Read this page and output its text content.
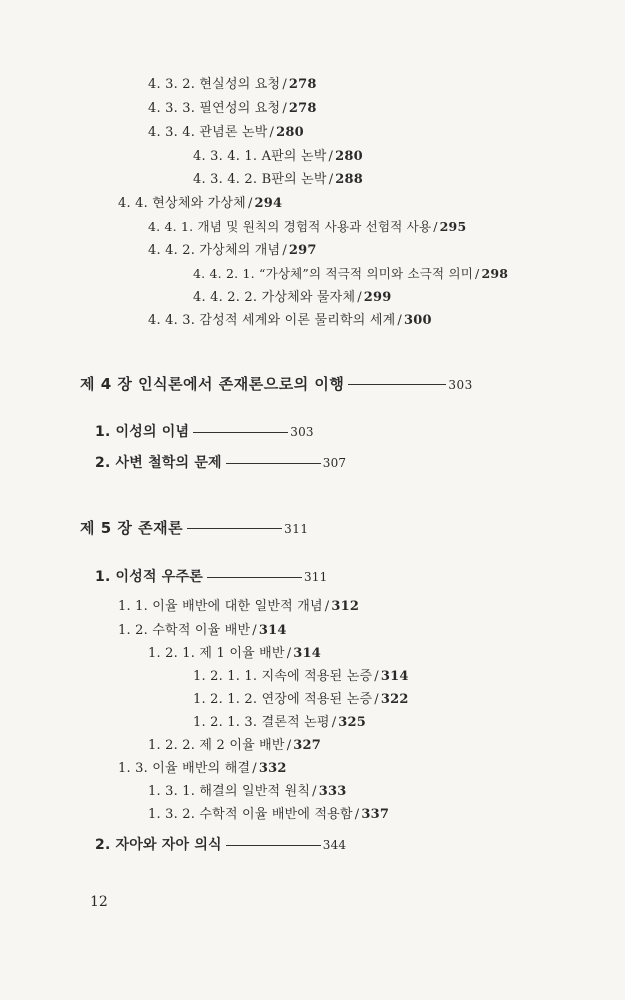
4. 3. 2. 현실성의 요청 / 278
4. 3. 3. 필연성의 요청 / 278
4. 3. 4. 관념론 논박 / 280
4. 3. 4. 1. A판의 논박 / 280
4. 3. 4. 2. B판의 논박 / 288
4. 4. 현상체와 가상체 / 294
4. 4. 1. 개념 및 원칙의 경험적 사용과 선험적 사용 / 295
4. 4. 2. 가상체의 개념 / 297
4. 4. 2. 1. “가상체”의 적극적 의미와 소극적 의미 / 298
4. 4. 2. 2. 가상체와 물자체 / 299
4. 4. 3. 감성적 세계와 이론 물리학의 세계 / 300
제 4 장 인식론에서 존재론으로의 이행	303
1. 이성의 이념	303
2. 사변 철학의 문제	307
제 5 장 존재론	311
1. 이성적 우주론	311
1. 1. 이율 배반에 대한 일반적 개념 / 312
1. 2. 수학적 이율 배반 / 314
1. 2. 1. 제 1 이율 배반 / 314
1. 2. 1. 1. 지속에 적용된 논증 / 314
1. 2. 1. 2. 연장에 적용된 논증 / 322
1. 2. 1. 3. 결론적 논평 / 325
1. 2. 2. 제 2 이율 배반 / 327
1. 3. 이율 배반의 해결 / 332
1. 3. 1. 해결의 일반적 원칙 / 333
1. 3. 2. 수학적 이율 배반에 적용함 / 337
2. 자아와 자아 의식	344
12
